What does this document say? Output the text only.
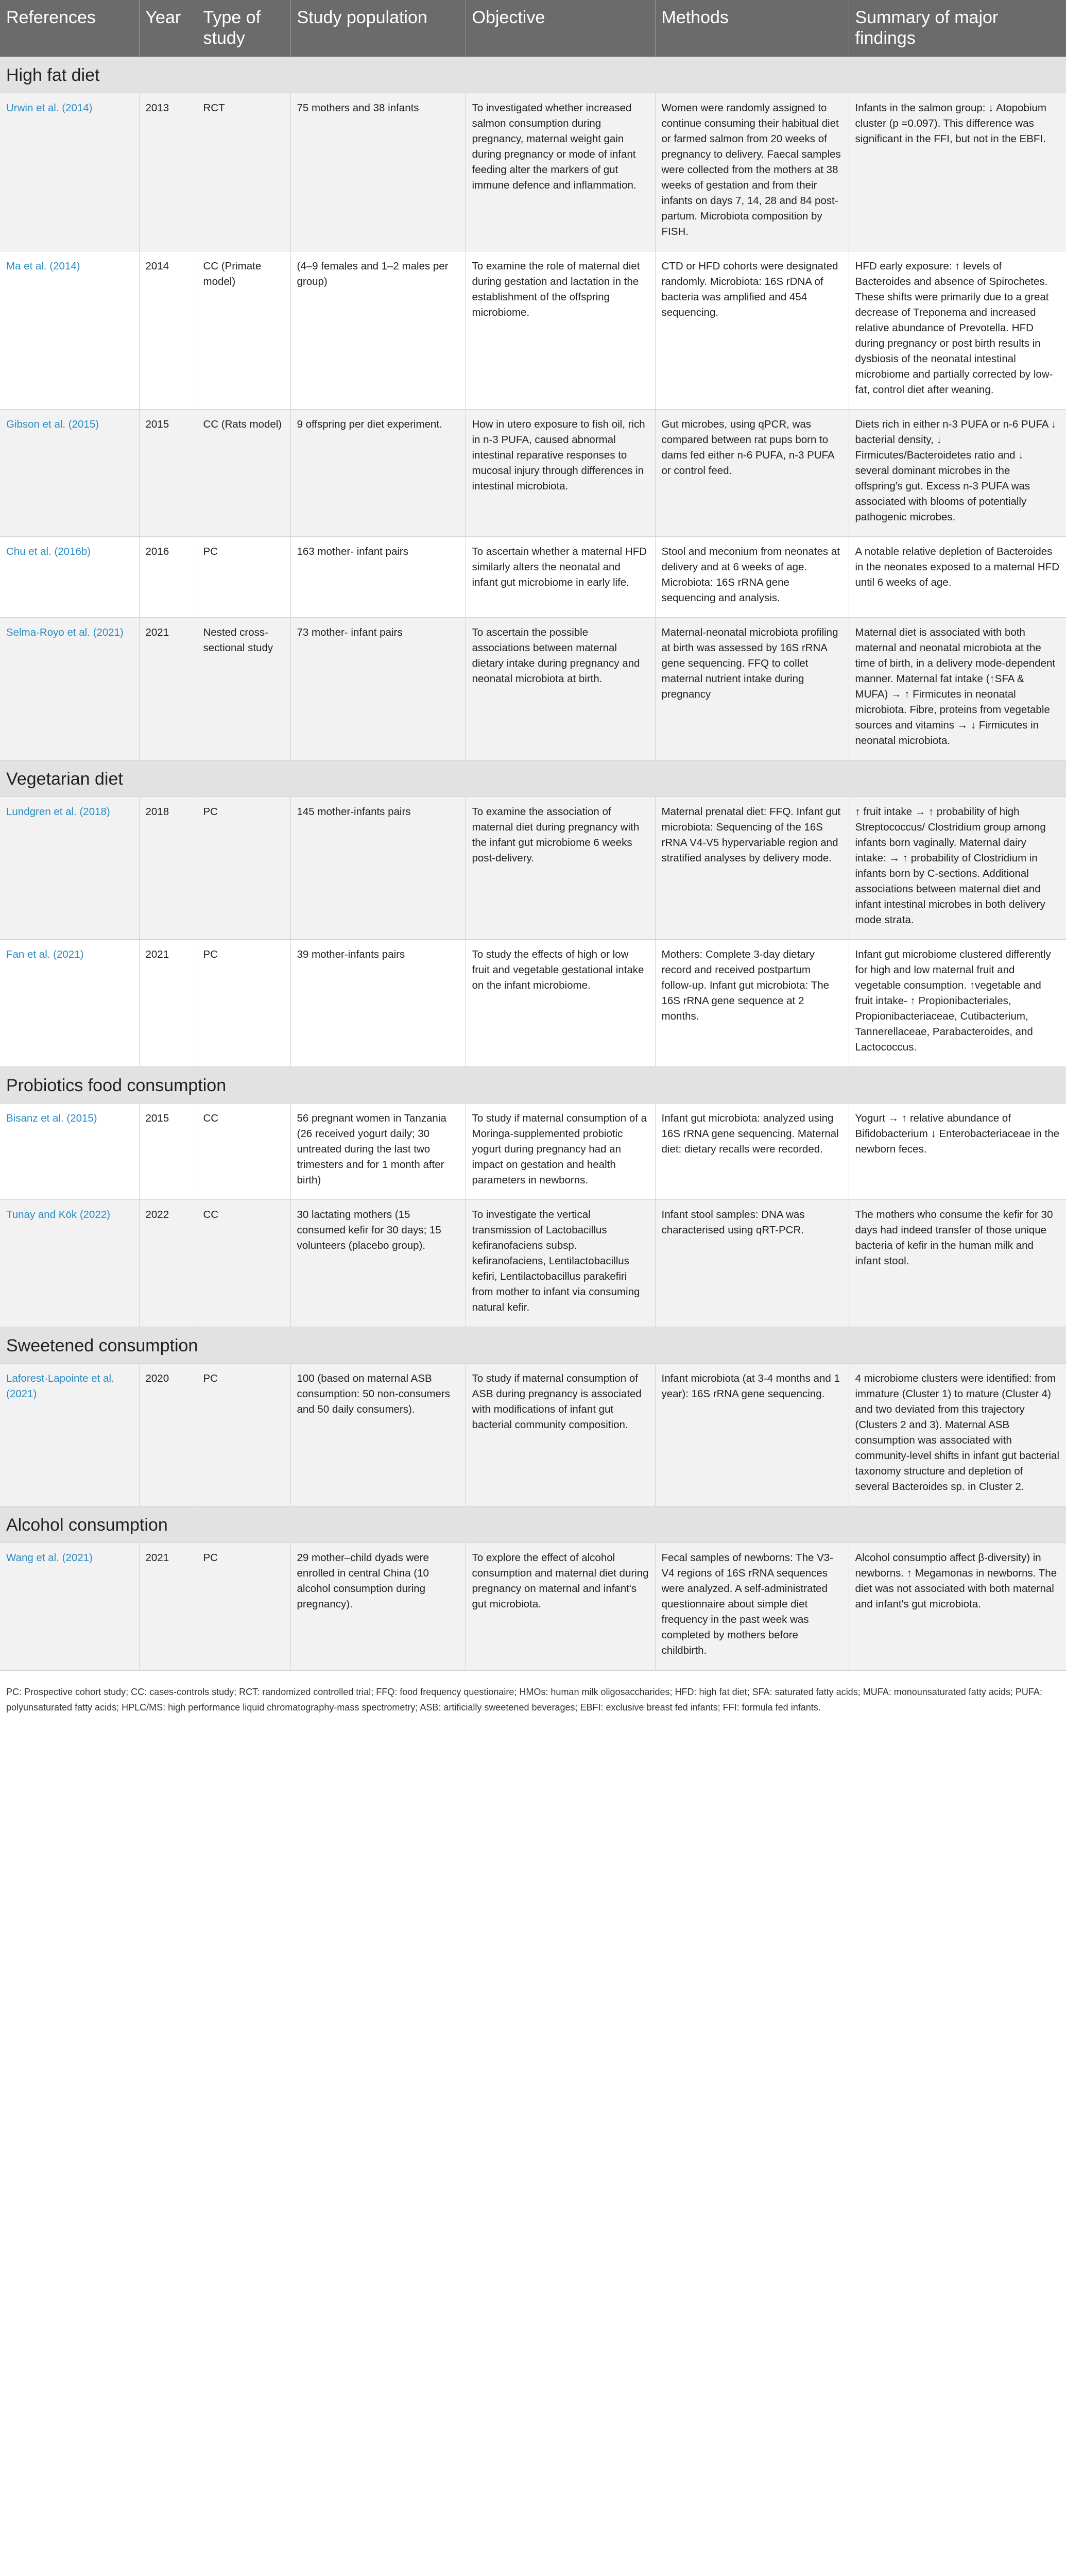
References	Year	Type of study	Study population	Objective	Methods	Summary of major findings
High fat diet						
Urwin et al. (2014)	2013	RCT	75 mothers and 38 infants	To investigated whether increased salmon consumption during pregnancy, maternal weight gain during pregnancy or mode of infant feeding alter the markers of gut immune defence and inflammation.	Women were randomly assigned to continue consuming their habitual diet or farmed salmon from 20 weeks of pregnancy to delivery. Faecal samples were collected from the mothers at 38 weeks of gestation and from their infants on days 7, 14, 28 and 84 post-partum. Microbiota composition by FISH.	Infants in the salmon group: ↓ Atopobium cluster (p =0.097). This difference was significant in the FFI, but not in the EBFI.
Ma et al. (2014)	2014	CC (Primate model)	(4–9 females and 1–2 males per group)	To examine the role of maternal diet during gestation and lactation in the establishment of the offspring microbiome.	CTD or HFD cohorts were designated randomly. Microbiota: 16S rDNA of bacteria was amplified and 454 sequencing.	HFD early exposure: ↑ levels of Bacteroides and absence of Spirochetes. These shifts were primarily due to a great decrease of Treponema and increased relative abundance of Prevotella. HFD during pregnancy or post birth results in dysbiosis of the neonatal intestinal microbiome and partially corrected by low-fat, control diet after weaning.
Gibson et al. (2015)	2015	CC (Rats model)	9 offspring per diet experiment.	How in utero exposure to fish oil, rich in n-3 PUFA, caused abnormal intestinal reparative responses to mucosal injury through differences in intestinal microbiota.	Gut microbes, using qPCR, was compared between rat pups born to dams fed either n-6 PUFA, n-3 PUFA or control feed.	Diets rich in either n-3 PUFA or n-6 PUFA ↓ bacterial density, ↓ Firmicutes/Bacteroidetes ratio and ↓ several dominant microbes in the offspring's gut. Excess n-3 PUFA was associated with blooms of potentially pathogenic microbes.
Chu et al. (2016b)	2016	PC	163 mother- infant pairs	To ascertain whether a maternal HFD similarly alters the neonatal and infant gut microbiome in early life.	Stool and meconium from neonates at delivery and at 6 weeks of age. Microbiota: 16S rRNA gene sequencing and analysis.	A notable relative depletion of Bacteroides in the neonates exposed to a maternal HFD until 6 weeks of age.
Selma-Royo et al. (2021)	2021	Nested cross-sectional study	73 mother- infant pairs	To ascertain the possible associations between maternal dietary intake during pregnancy and neonatal microbiota at birth.	Maternal-neonatal microbiota profiling at birth was assessed by 16S rRNA gene sequencing. FFQ to collet maternal nutrient intake during pregnancy	Maternal diet is associated with both maternal and neonatal microbiota at the time of birth, in a delivery mode-dependent manner. Maternal fat intake (↑SFA & MUFA) → ↑ Firmicutes in neonatal microbiota. Fibre, proteins from vegetable sources and vitamins → ↓ Firmicutes in neonatal microbiota.
Vegetarian diet						
Lundgren et al. (2018)	2018	PC	145 mother-infants pairs	To examine the association of maternal diet during pregnancy with the infant gut microbiome 6 weeks post-delivery.	Maternal prenatal diet: FFQ. Infant gut microbiota: Sequencing of the 16S rRNA V4-V5 hypervariable region and stratified analyses by delivery mode.	↑ fruit intake → ↑ probability of high Streptococcus/ Clostridium group among infants born vaginally. Maternal dairy intake: → ↑ probability of Clostridium in infants born by C-sections. Additional associations between maternal diet and infant intestinal microbes in both delivery mode strata.
Fan et al. (2021)	2021	PC	39 mother-infants pairs	To study the effects of high or low fruit and vegetable gestational intake on the infant microbiome.	Mothers: Complete 3-day dietary record and received postpartum follow-up. Infant gut microbiota: The 16S rRNA gene sequence at 2 months.	Infant gut microbiome clustered differently for high and low maternal fruit and vegetable consumption. ↑vegetable and fruit intake- ↑ Propionibacteriales, Propionibacteriaceae, Cutibacterium, Tannerellaceae, Parabacteroides, and Lactococcus.
Probiotics food consumption						
Bisanz et al. (2015)	2015	CC	56 pregnant women in Tanzania (26 received yogurt daily; 30 untreated during the last two trimesters and for 1 month after birth)	To study if maternal consumption of a Moringa-supplemented probiotic yogurt during pregnancy had an impact on gestation and health parameters in newborns.	Infant gut microbiota: analyzed using 16S rRNA gene sequencing. Maternal diet: dietary recalls were recorded.	Yogurt → ↑ relative abundance of Bifidobacterium ↓ Enterobacteriaceae in the newborn feces.
Tunay and Kök (2022)	2022	CC	30 lactating mothers (15 consumed kefir for 30 days; 15 volunteers (placebo group).	To investigate the vertical transmission of Lactobacillus kefiranofaciens subsp. kefiranofaciens, Lentilactobacillus kefiri, Lentilactobacillus parakefiri from mother to infant via consuming natural kefir.	Infant stool samples: DNA was characterised using qRT-PCR.	The mothers who consume the kefir for 30 days had indeed transfer of those unique bacteria of kefir in the human milk and infant stool.
Sweetened consumption						
Laforest-Lapointe et al. (2021)	2020	PC	100 (based on maternal ASB consumption: 50 non-consumers and 50 daily consumers).	To study if maternal consumption of ASB during pregnancy is associated with modifications of infant gut bacterial community composition.	Infant microbiota (at 3-4 months and 1 year): 16S rRNA gene sequencing.	4 microbiome clusters were identified: from immature (Cluster 1) to mature (Cluster 4) and two deviated from this trajectory (Clusters 2 and 3). Maternal ASB consumption was associated with community-level shifts in infant gut bacterial taxonomy structure and depletion of several Bacteroides sp. in Cluster 2.
Alcohol consumption						
Wang et al. (2021)	2021	PC	29 mother–child dyads were enrolled in central China (10 alcohol consumption during pregnancy).	To explore the effect of alcohol consumption and maternal diet during pregnancy on maternal and infant's gut microbiota.	Fecal samples of newborns: The V3-V4 regions of 16S rRNA sequences were analyzed. A self-administrated questionnaire about simple diet frequency in the past week was completed by mothers before childbirth.	Alcohol consumptio affect β-diversity) in newborns. ↑ Megamonas in newborns. The diet was not associated with both maternal and infant's gut microbiota.
PC: Prospective cohort study; CC: cases-controls study; RCT: randomized controlled trial; FFQ: food frequency questionaire; HMOs: human milk oligosaccharides; HFD: high fat diet; SFA: saturated fatty acids; MUFA: monounsaturated fatty acids; PUFA: polyunsaturated fatty acids; HPLC/MS: high performance liquid chromatography-mass spectrometry; ASB: artificially sweetened beverages; EBFI: exclusive breast fed infants; FFI: formula fed infants.
